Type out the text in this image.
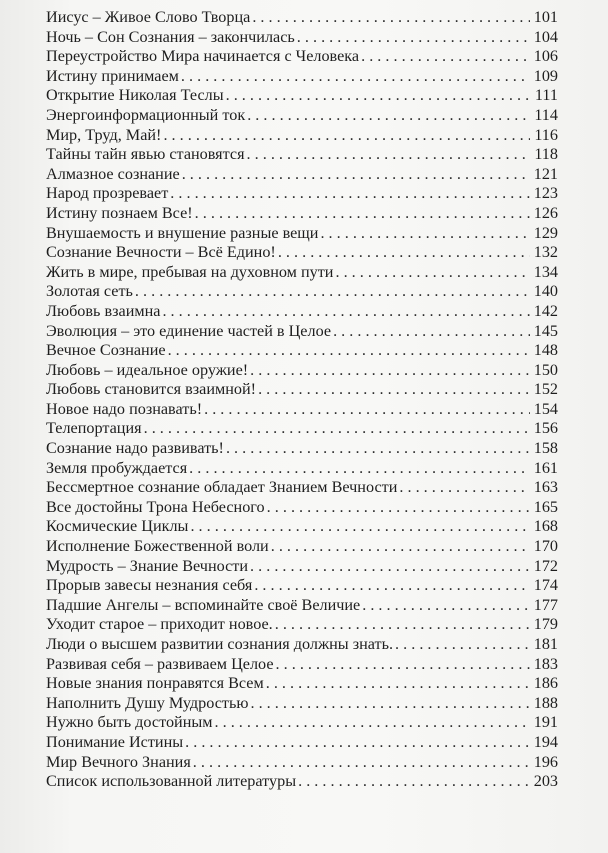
Иисус – Живое Слово Творца . . .	101
Ночь – Сон Сознания – закончилась . . .	104
Переустройство Мира начинается с Человека . . .	106
Истину принимаем . . .	109
Открытие Николая Теслы . . .	111
Энергоинформационный ток . . .	114
Мир, Труд, Май! . . .	116
Тайны тайн явью становятся . . .	118
Алмазное сознание . . .	121
Народ прозревает . . .	123
Истину познаем Все! . . .	126
Внушаемость и внушение разные вещи . . .	129
Сознание Вечности – Всё Едино! . . .	132
Жить в мире, пребывая на духовном пути . . .	134
Золотая сеть . . .	140
Любовь взаимна . . .	142
Эволюция – это единение частей в Целое . . .	145
Вечное Сознание . . .	148
Любовь – идеальное оружие! . . .	150
Любовь становится взаимной! . . .	152
Новое надо познавать! . . .	154
Телепортация . . .	156
Сознание надо развивать! . . .	158
Земля пробуждается . . .	161
Бессмертное сознание обладает Знанием Вечности . . .	163
Все достойны Трона Небесного . . .	165
Космические Циклы . . .	168
Исполнение Божественной воли . . .	170
Мудрость – Знание Вечности . . .	172
Прорыв завесы незнания себя . . .	174
Падшие Ангелы – вспоминайте своё Величие . . .	177
Уходит старое – приходит новое. . . .	179
Люди о высшем развитии сознания должны знать. . . .	181
Развивая себя – развиваем Целое . . .	183
Новые знания понравятся Всем . . .	186
Наполнить Душу Мудростью . . .	188
Нужно быть достойным . . .	191
Понимание Истины . . .	194
Мир Вечного Знания . . .	196
Список использованной литературы . . .	203
